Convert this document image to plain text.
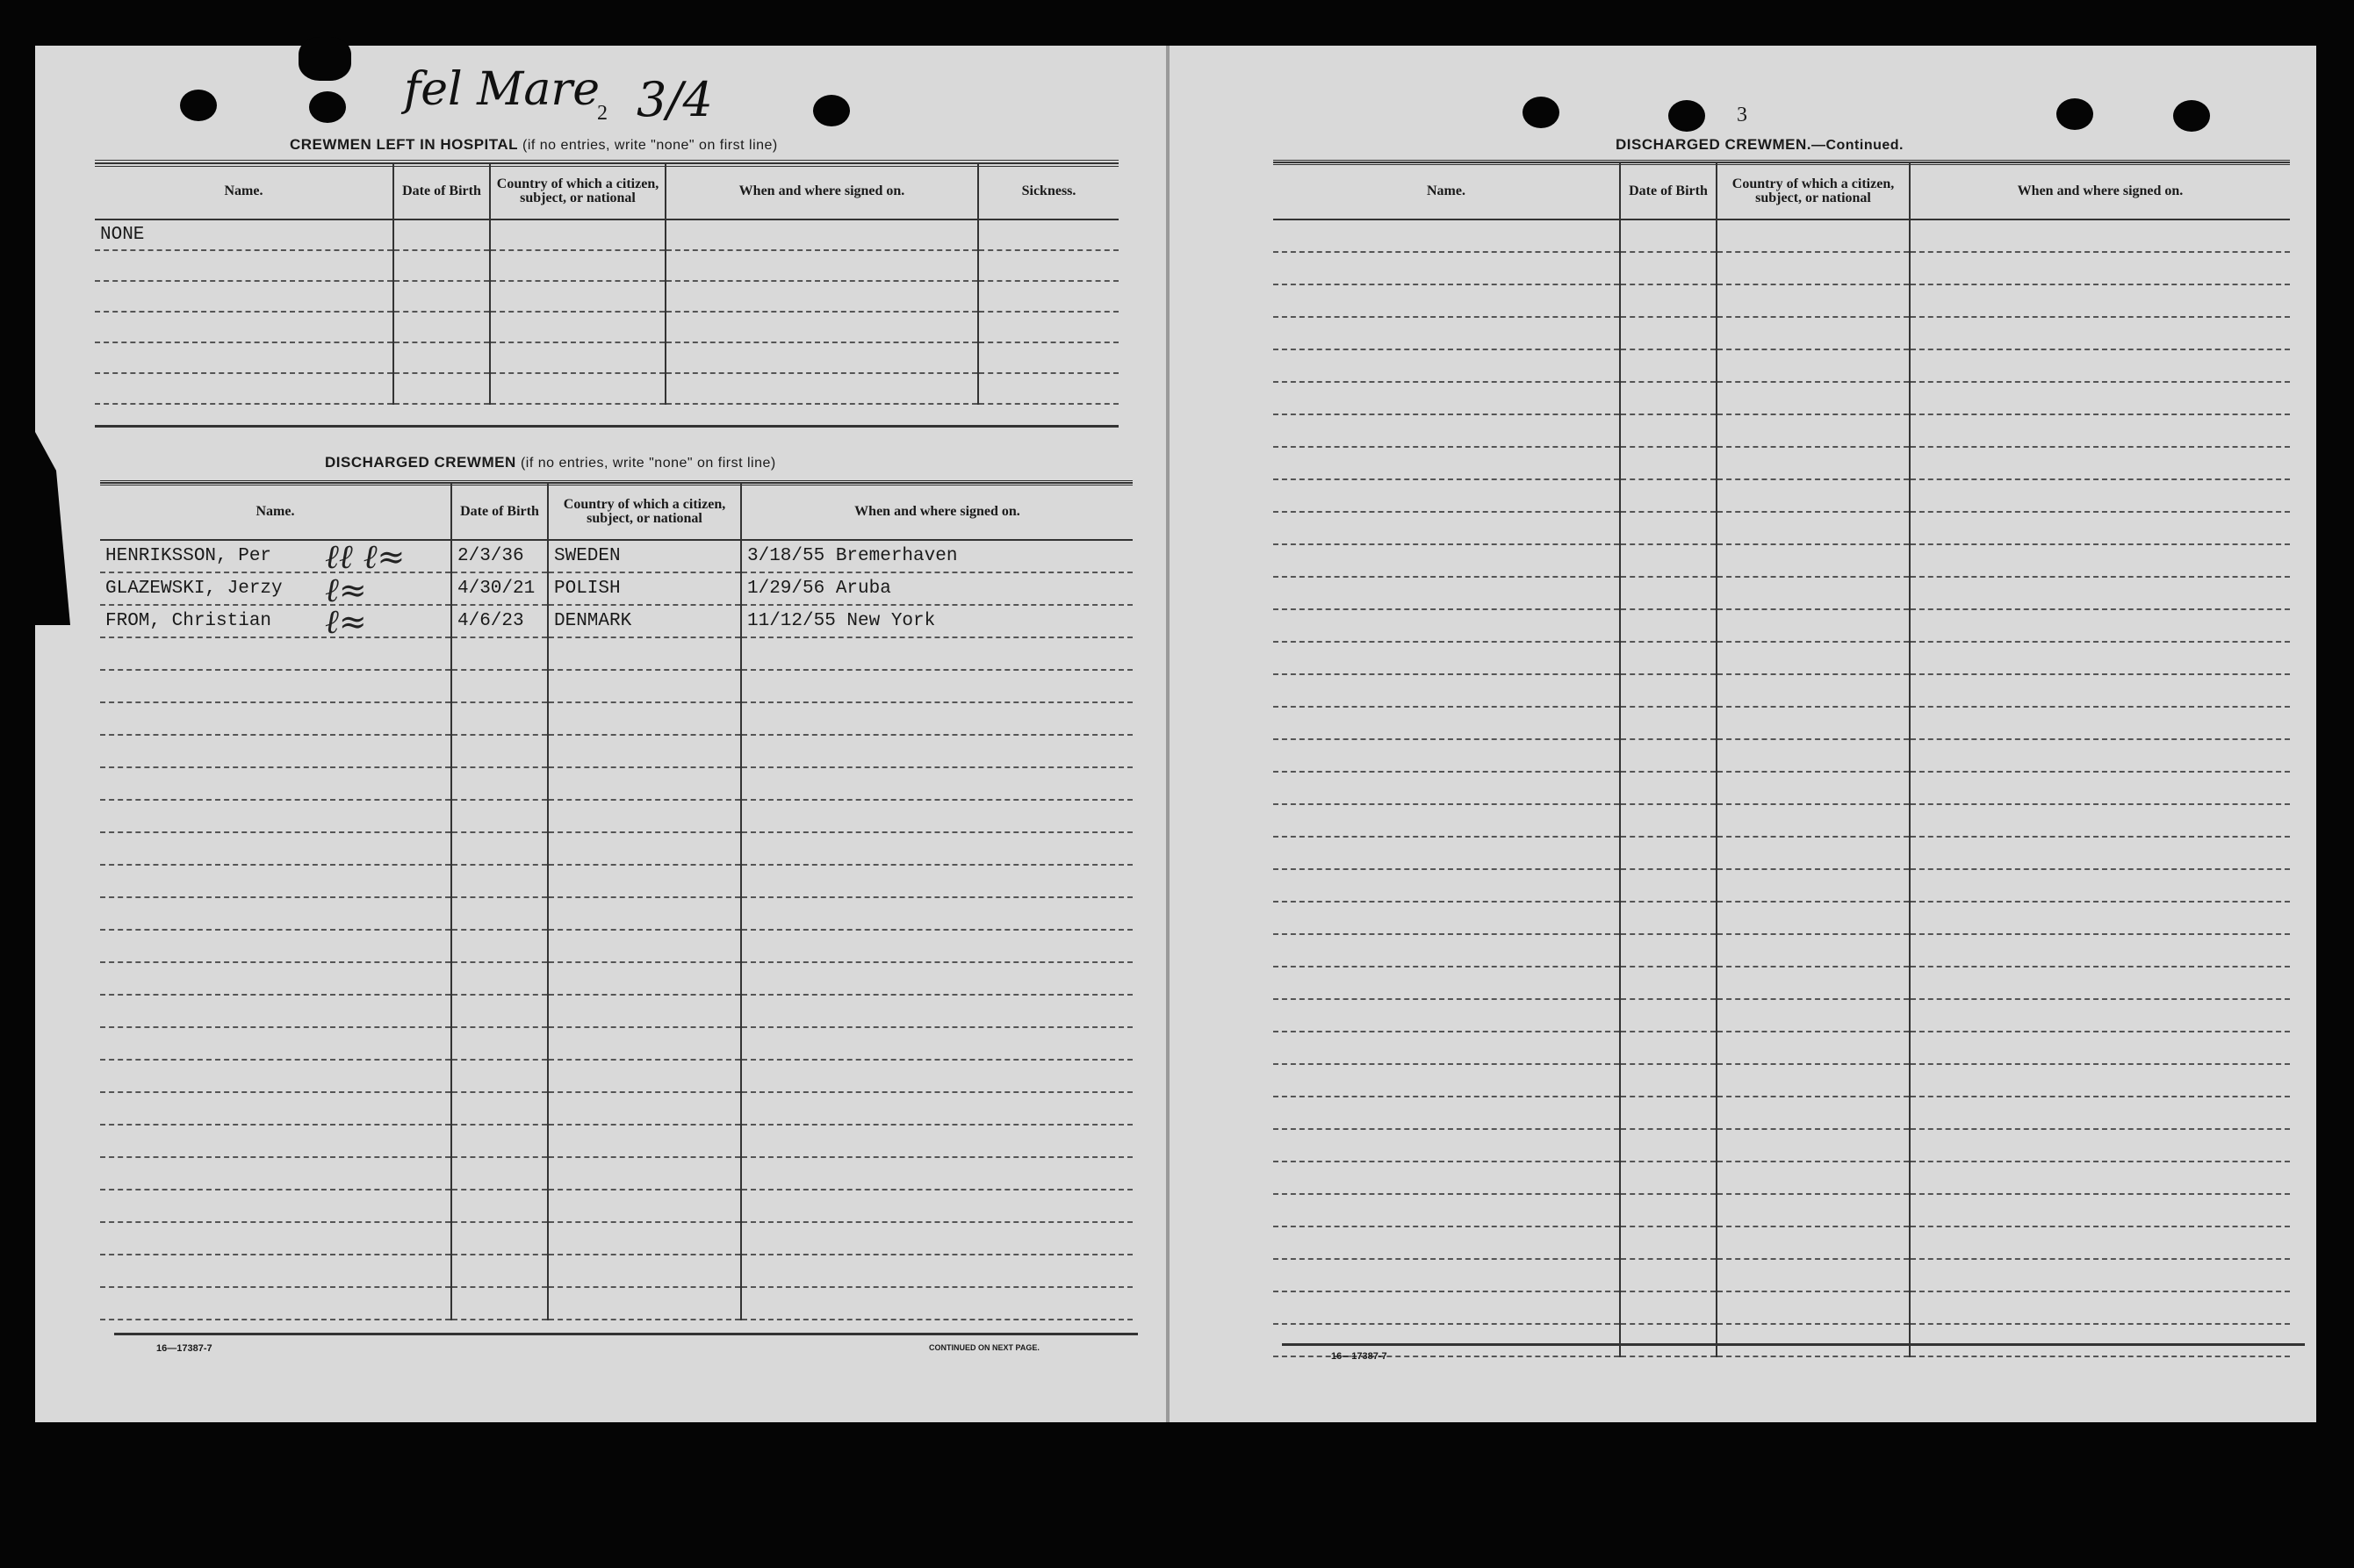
fel Mare
2 3/4
CREWMEN LEFT IN HOSPITAL (if no entries, write "none" on first line)
Name.	Date of Birth	Country of which a citizen, subject, or national	When and where signed on.	Sickness.
NONE				

DISCHARGED CREWMEN (if no entries, write "none" on first line)
Name.	Date of Birth	Country of which a citizen, subject, or national	When and where signed on.
HENRIKSSON, Per	2/3/36	SWEDEN	3/18/55 Bremerhaven
GLAZEWSKI, Jerzy	4/30/21	POLISH	1/29/56 Aruba
FROM, Christian	4/6/23	DENMARK	11/12/55 New York

ℓℓ ℓ≈
ℓ≈
ℓ≈
16—17387-7	CONTINUED ON NEXT PAGE.
3
DISCHARGED CREWMEN.—Continued.
Name.	Date of Birth	Country of which a citizen, subject, or national	When and where signed on.

16—17387-7
